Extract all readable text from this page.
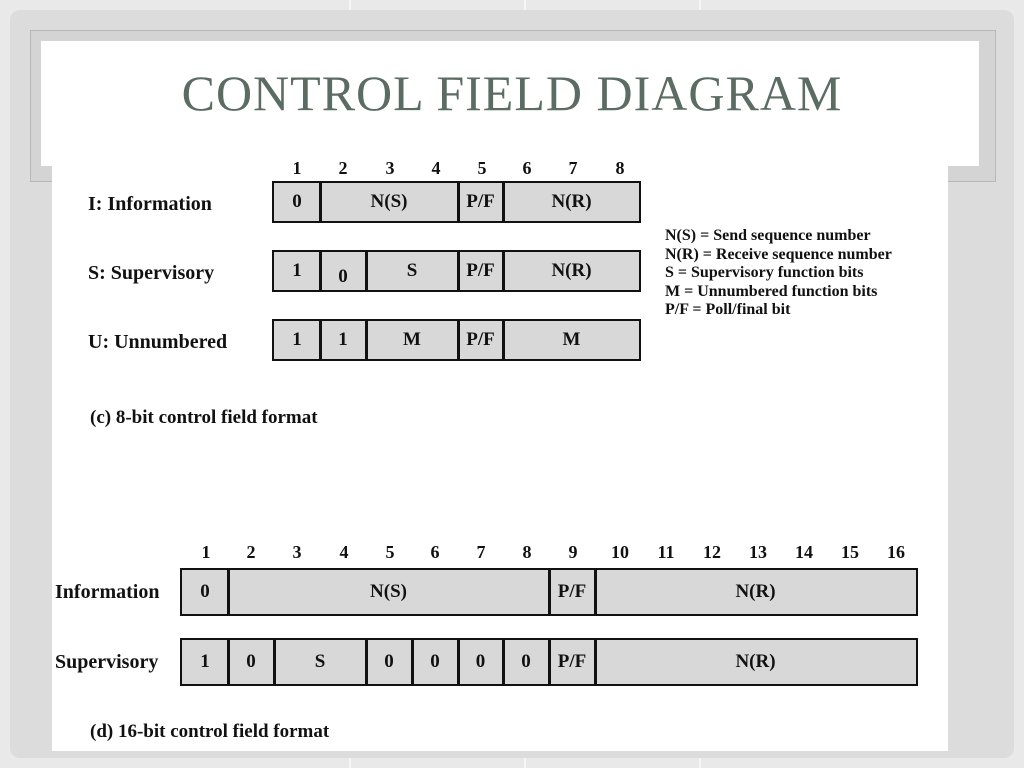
CONTROL FIELD DIAGRAM
1	2	3	4	5	6	7	8
I: Information	0	N(S)	P/F	N(R)
S: Supervisory	1	0	S	P/F	N(R)
U: Unnumbered	1	1	M	P/F	M
N(S) = Send sequence number
N(R) = Receive sequence number
S = Supervisory function bits
M = Unnumbered function bits
P/F = Poll/final bit
(c) 8-bit control field format
1	2	3	4	5	6	7	8	9	10	11	12	13	14	15	16
Information	0	N(S)	P/F	N(R)
Supervisory	1	0	S	0	0	0	0	P/F	N(R)
(d) 16-bit control field format
